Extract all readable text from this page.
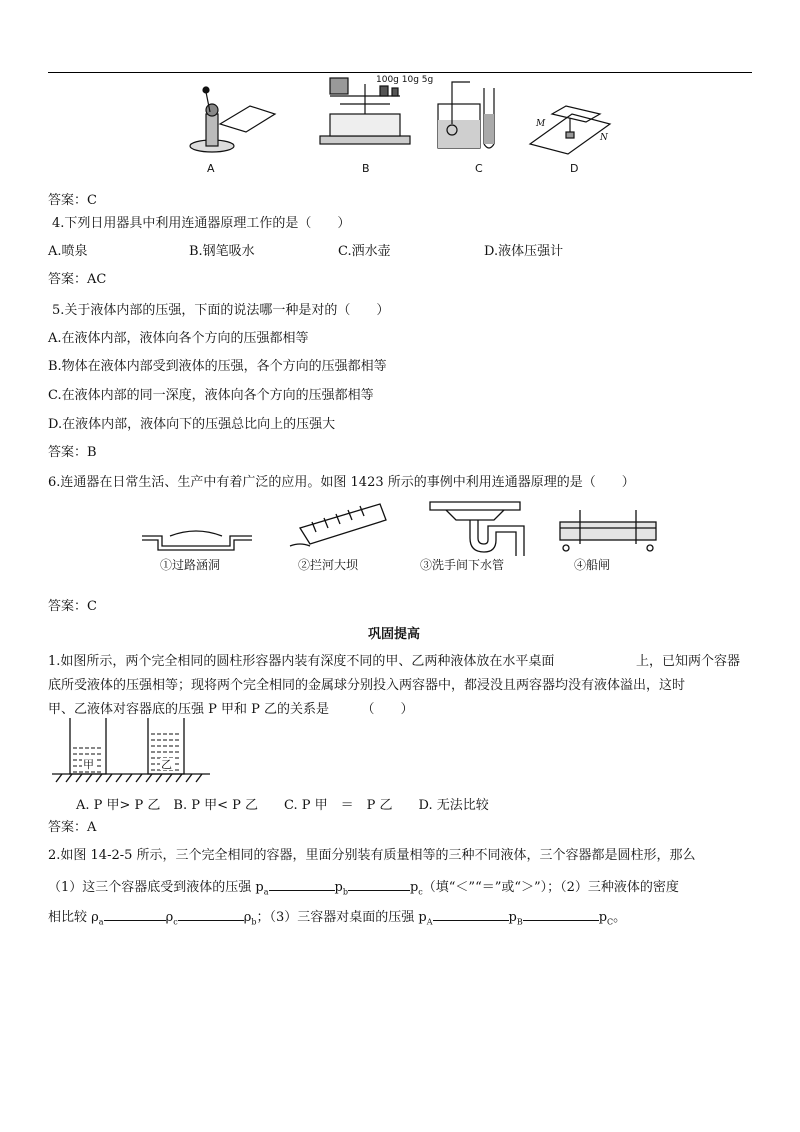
100g 10g 5g
M
N
A	B	C	D
答案：C
4.下列日用器具中利用连通器原理工作的是（　　）
A.喷泉	B.钢笔吸水	C.洒水壶	D.液体压强计
答案：AC
5.关于液体内部的压强，下面的说法哪一种是对的（　　）
A.在液体内部，液体向各个方向的压强都相等
B.物体在液体内部受到液体的压强，各个方向的压强都相等
C.在液体内部的同一深度，液体向各个方向的压强都相等
D.在液体内部，液体向下的压强总比向上的压强大
答案：B
6.连通器在日常生活、生产中有着广泛的应用。如图 1423 所示的事例中利用连通器原理的是（　　）
①过路涵洞	②拦河大坝	③洗手间下水管	④船闸
答案：C
巩固提高
1.如图所示，两个完全相同的圆柱形容器内装有深度不同的甲、乙两种液体放在水平桌面	上，已知两个容器
底所受液体的压强相等；现将两个完全相同的金属球分别投入两容器中，都浸没且两容器均没有液体溢出，这时
甲、乙液体对容器底的压强 P 甲和 P 乙的关系是　　　（　　）
甲	乙
A. P 甲> P 乙　B. P 甲< P 乙　　C. P 甲　＝　P 乙　　D. 无法比较
答案：A
2.如图 14-2-5 所示，三个完全相同的容器，里面分别装有质量相等的三种不同液体，三个容器都是圆柱形，那么
（1）这三个容器底受到液体的压强 $p_a$	$p_b$	$p_c$（填“＜”“＝”或“＞”）；（2）三种液体的密度
相比较 $\rho_a$	$\rho_c$	$\rho_b$；（3）三容器对桌面的压强 $p_A$	$p_B$	$p_C$。
